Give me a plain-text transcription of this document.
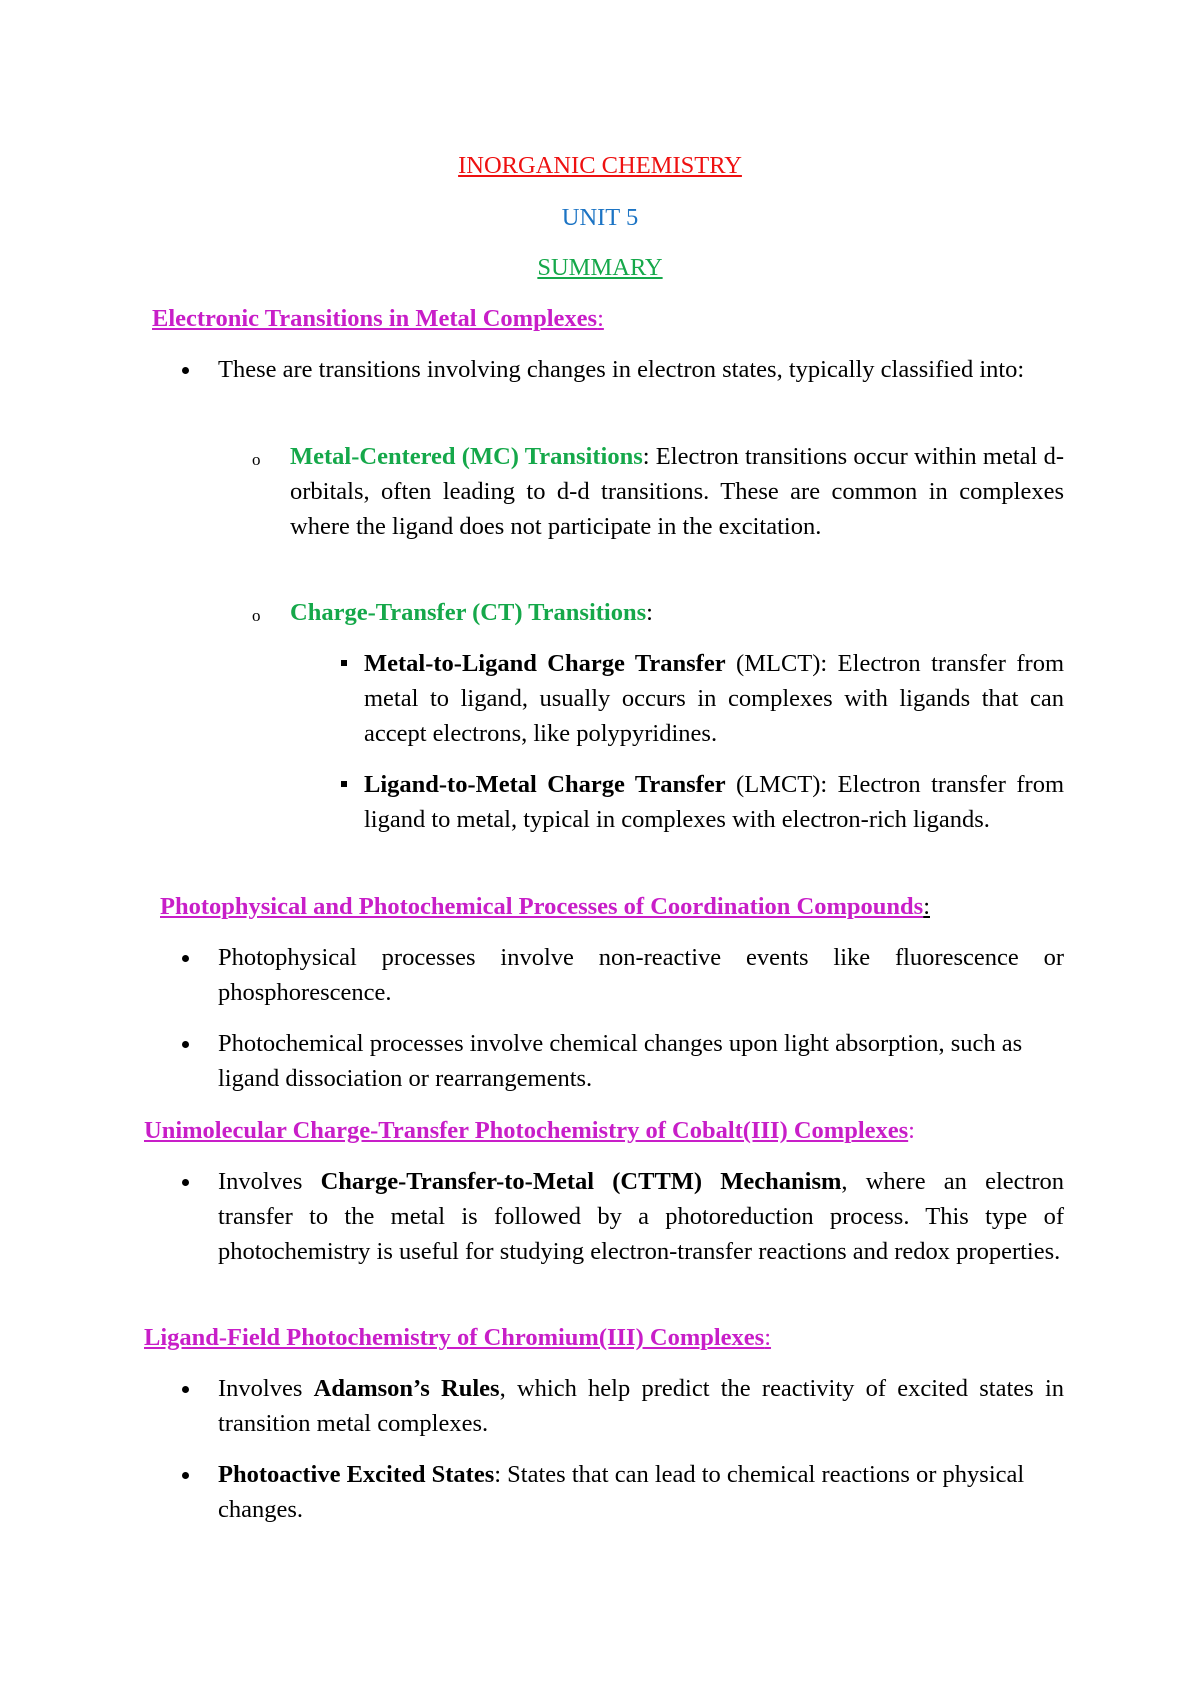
INORGANIC CHEMISTRY

UNIT 5

SUMMARY

Electronic Transitions in Metal Complexes:

These are transitions involving changes in electron states, typically classified into:

o Metal-Centered (MC) Transitions: Electron transitions occur within metal d-orbitals, often leading to d-d transitions. These are common in complexes where the ligand does not participate in the excitation.

o Charge-Transfer (CT) Transitions:

Metal-to-Ligand Charge Transfer (MLCT): Electron transfer from metal to ligand, usually occurs in complexes with ligands that can accept electrons, like polypyridines.

Ligand-to-Metal Charge Transfer (LMCT): Electron transfer from ligand to metal, typical in complexes with electron-rich ligands.

Photophysical and Photochemical Processes of Coordination Compounds:

Photophysical processes involve non-reactive events like fluorescence or phosphorescence.

Photochemical processes involve chemical changes upon light absorption, such as ligand dissociation or rearrangements.

Unimolecular Charge-Transfer Photochemistry of Cobalt(III) Complexes:

Involves Charge-Transfer-to-Metal (CTTM) Mechanism, where an electron transfer to the metal is followed by a photoreduction process. This type of photochemistry is useful for studying electron-transfer reactions and redox properties.

Ligand-Field Photochemistry of Chromium(III) Complexes:

Involves Adamson’s Rules, which help predict the reactivity of excited states in transition metal complexes.

Photoactive Excited States: States that can lead to chemical reactions or physical changes.
